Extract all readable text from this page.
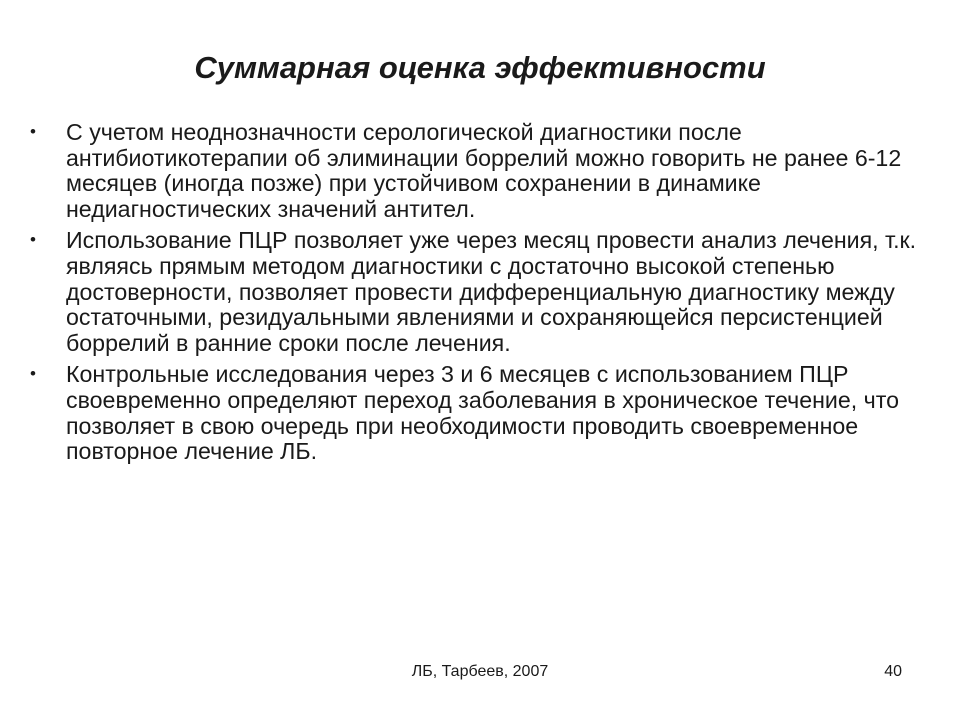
Суммарная оценка эффективности
• С учетом неоднозначности серологической диагностики после антибиотикотерапии об элиминации боррелий можно говорить не ранее 6-12 месяцев (иногда позже) при устойчивом сохранении в динамике недиагностических значений антител.
• Использование ПЦР позволяет уже через месяц провести анализ лечения, т.к. являясь прямым методом диагностики с достаточно высокой степенью достоверности, позволяет провести дифференциальную диагностику между остаточными, резидуальными явлениями и сохраняющейся персистенцией боррелий в ранние сроки после лечения.
• Контрольные исследования через 3 и 6 месяцев с использованием ПЦР своевременно определяют переход заболевания в хроническое течение, что позволяет в свою очередь при необходимости проводить своевременное повторное лечение ЛБ.
ЛБ, Тарбеев, 2007	40
